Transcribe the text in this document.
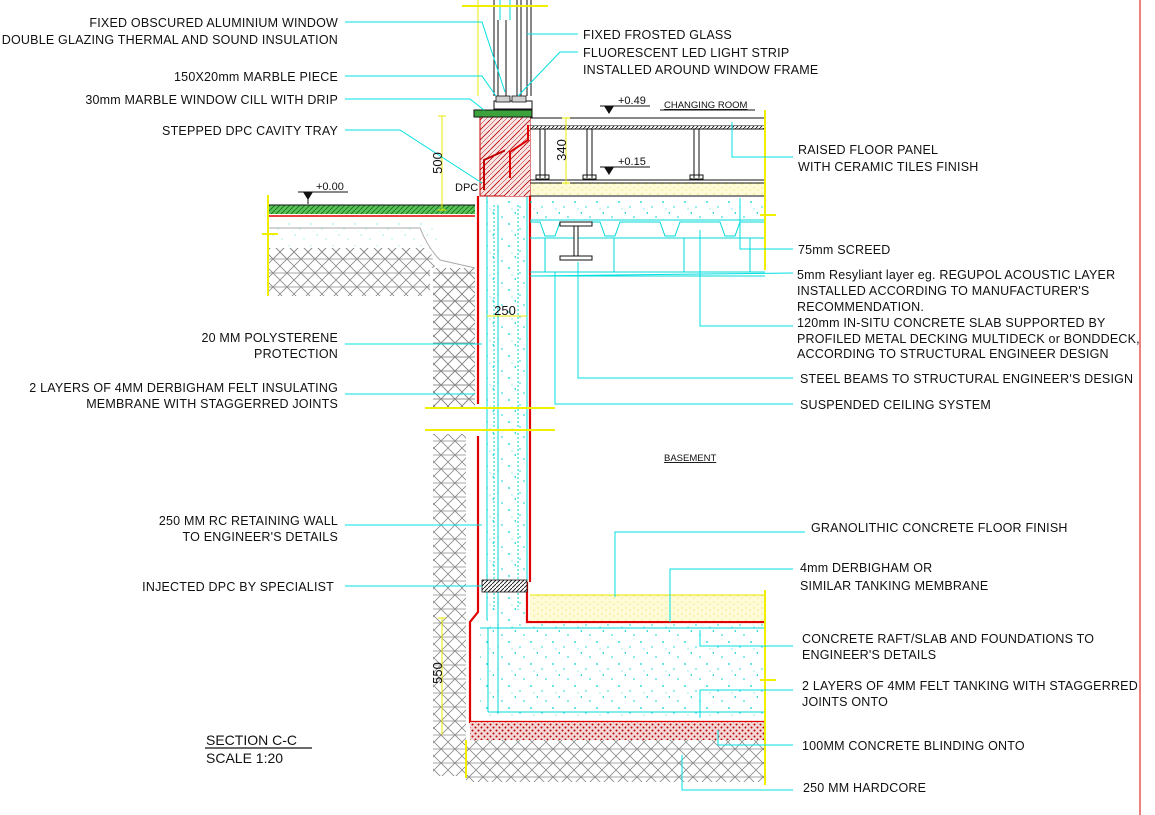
FIXED OBSCURED ALUMINIUM WINDOW
DOUBLE GLAZING THERMAL AND SOUND INSULATION
150X20mm MARBLE PIECE
30mm MARBLE WINDOW CILL WITH DRIP
STEPPED DPC CAVITY TRAY
20 MM POLYSTERENE
PROTECTION
2 LAYERS OF 4MM DERBIGHAM FELT INSULATING
MEMBRANE WITH STAGGERRED JOINTS
250 MM RC RETAINING WALL
TO ENGINEER'S DETAILS
INJECTED DPC BY SPECIALIST
FIXED FROSTED GLASS
FLUORESCENT LED LIGHT STRIP
INSTALLED AROUND WINDOW FRAME
RAISED FLOOR PANEL
WITH CERAMIC TILES FINISH
75mm SCREED
5mm Resyliant layer eg. REGUPOL ACOUSTIC LAYER
INSTALLED ACCORDING TO MANUFACTURER'S
RECOMMENDATION.
120mm IN-SITU CONCRETE SLAB SUPPORTED BY
PROFILED METAL DECKING MULTIDECK or BONDDECK,
ACCORDING TO STRUCTURAL ENGINEER DESIGN
STEEL BEAMS TO STRUCTURAL ENGINEER'S DESIGN
SUSPENDED CEILING SYSTEM
GRANOLITHIC CONCRETE FLOOR FINISH
4mm DERBIGHAM OR
SIMILAR TANKING MEMBRANE
CONCRETE RAFT/SLAB AND FOUNDATIONS TO
ENGINEER'S DETAILS
2 LAYERS OF 4MM FELT TANKING WITH STAGGERRED
JOINTS ONTO
100MM CONCRETE BLINDING ONTO
250 MM HARDCORE
500
340
250
550
DPC
+0.00
+0.49
+0.15
CHANGING ROOM
BASEMENT
SECTION C-C
SCALE 1:20
